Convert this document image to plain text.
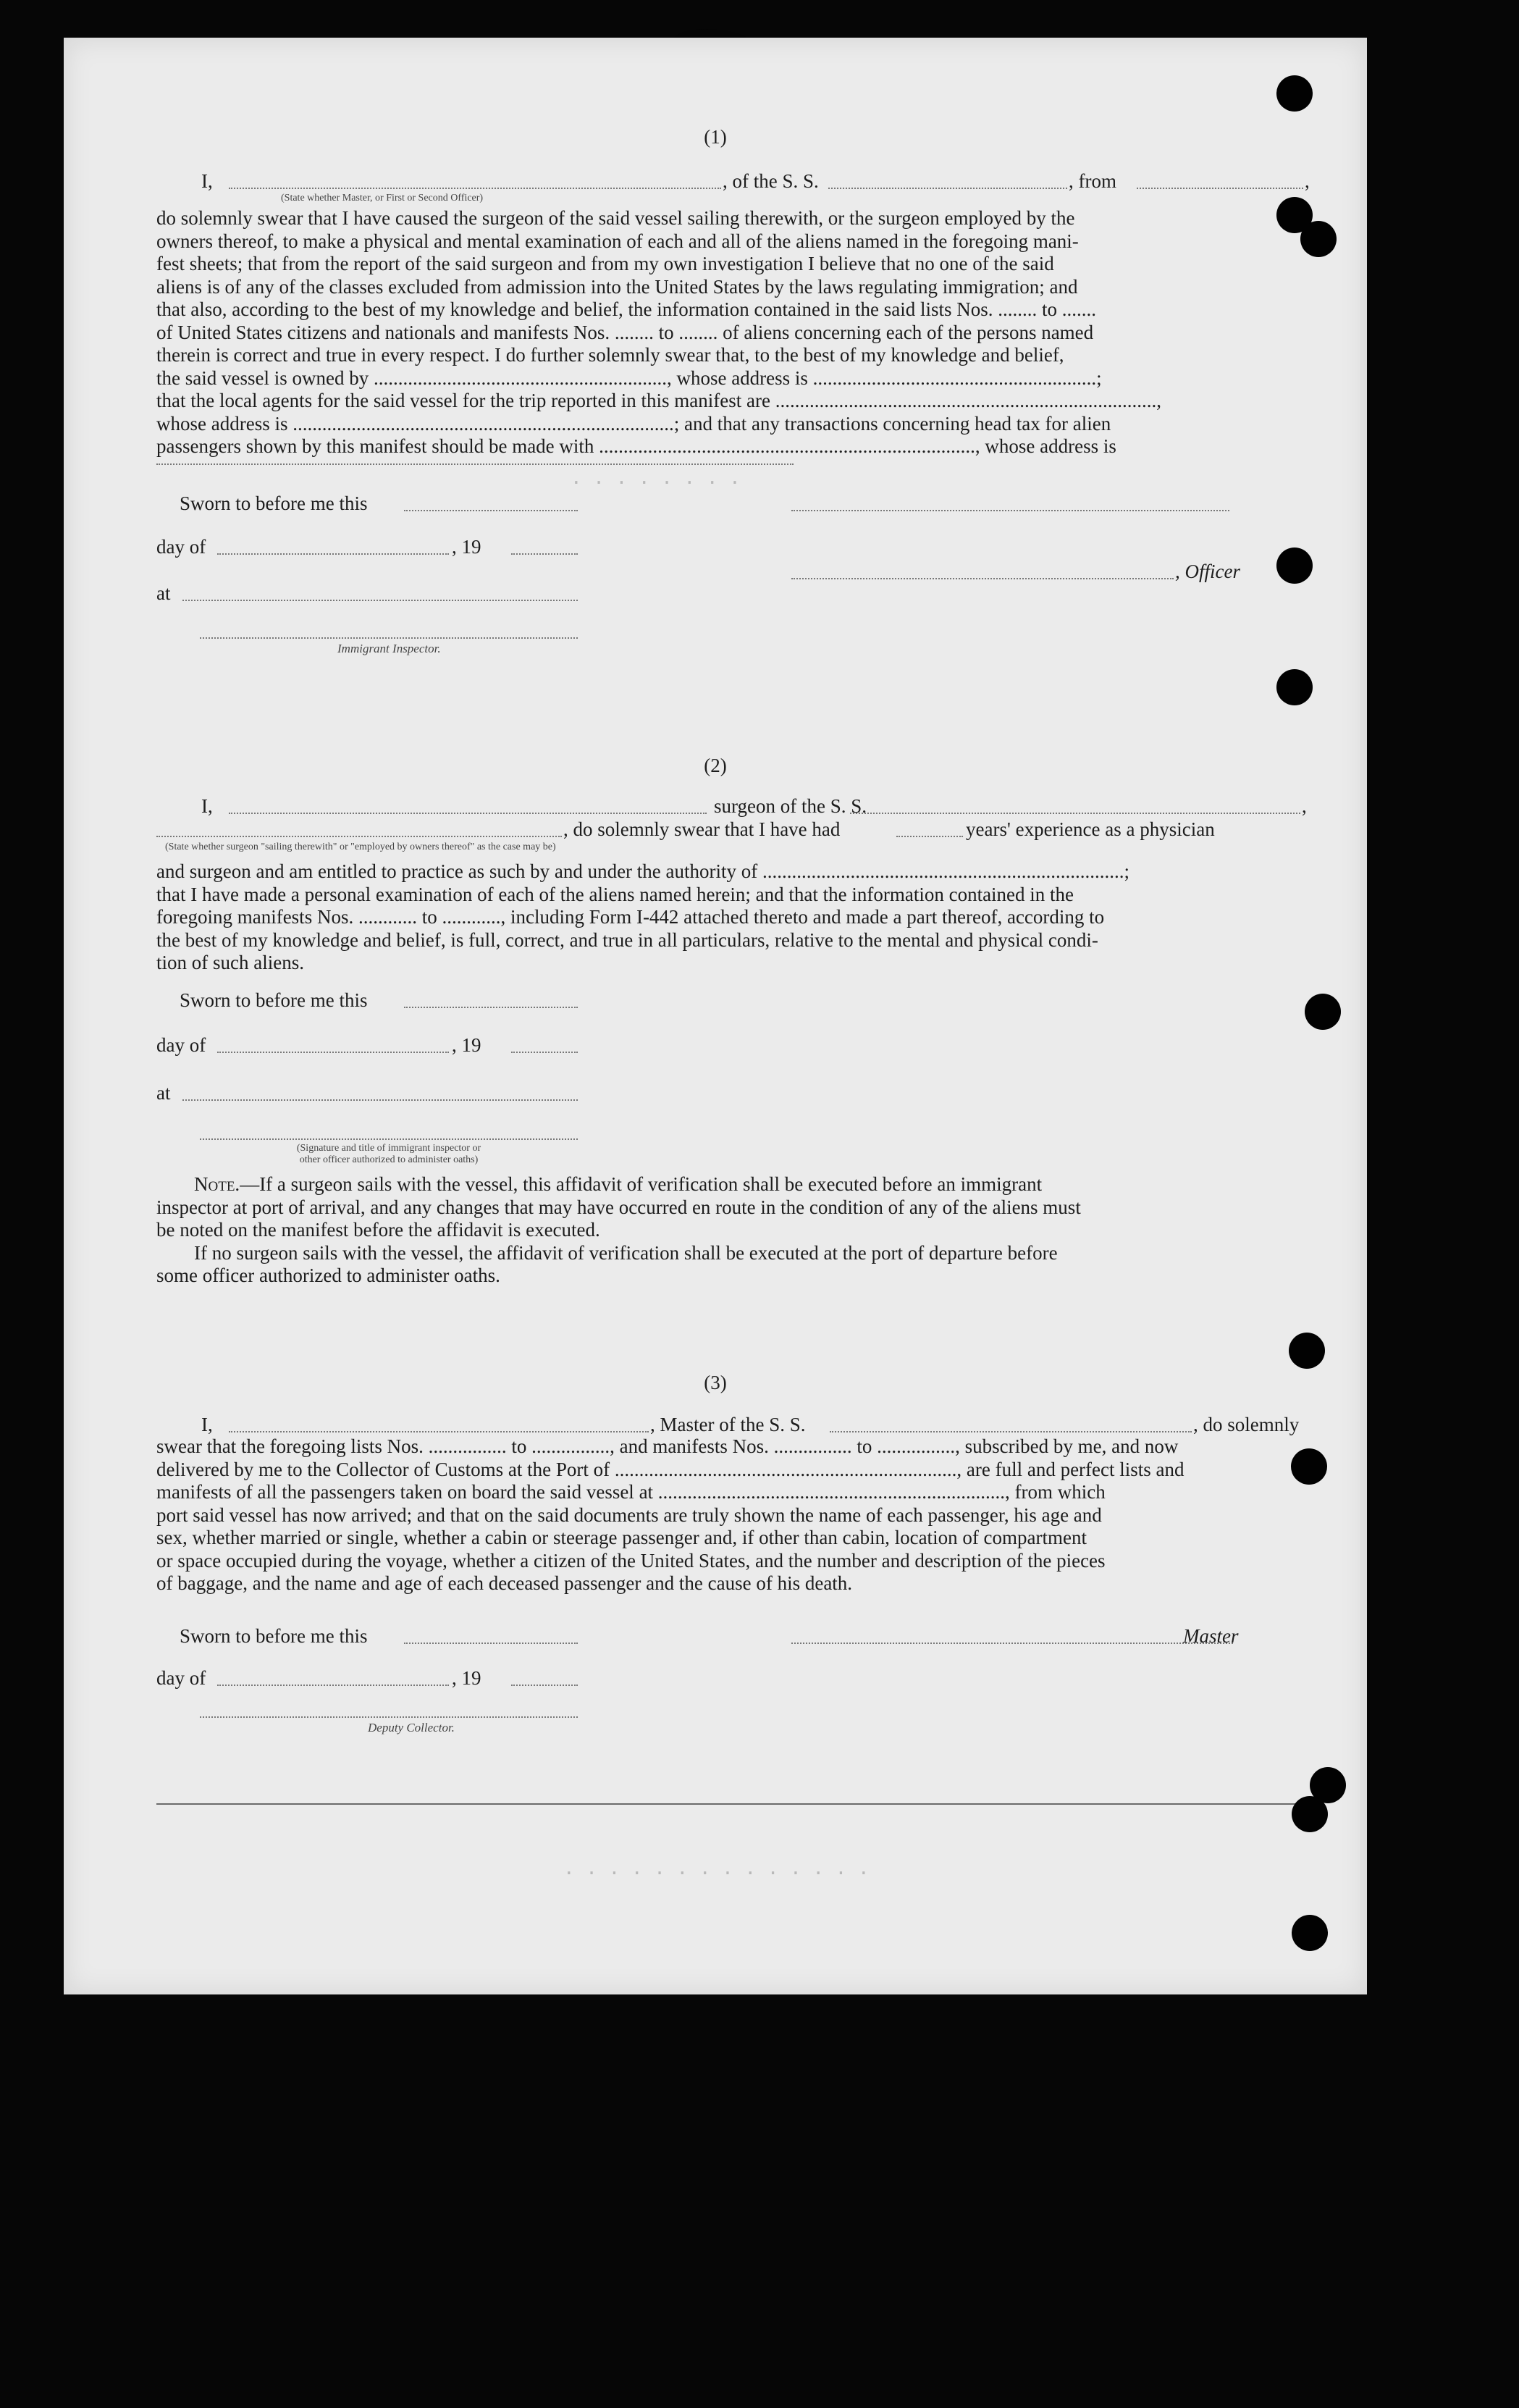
· · · · · · · ·
· · · · · · · · · · · · · ·
(1)
I,	, of the S. S.	, from	,
(State whether Master, or First or Second Officer)

do solemnly swear that I have caused the surgeon of the said vessel sailing therewith, or the surgeon employed by the

owners thereof, to make a physical and mental examination of each and all of the aliens named in the foregoing mani-

fest sheets; that from the report of the said surgeon and from my own investigation I believe that no one of the said

aliens is of any of the classes excluded from admission into the United States by the laws regulating immigration; and

that also, according to the best of my knowledge and belief, the information contained in the said lists Nos. ........ to .......

of United States citizens and nationals and manifests Nos. ........ to ........ of aliens concerning each of the persons named

therein is correct and true in every respect. I do further solemnly swear that, to the best of my knowledge and belief,

the said vessel is owned by ............................................................, whose address is ..........................................................;

that the local agents for the said vessel for the trip reported in this manifest are ..............................................................................,

whose address is ..............................................................................; and that any transactions concerning head tax for alien

passengers shown by this manifest should be made with ............................................................................., whose address is

Sworn to before me this
day of	, 19
, Officer
at
Immigrant Inspector.
(2)
I,	surgeon of the S. S.	,
, do solemnly swear that I have had	years' experience as a physician
(State whether surgeon "sailing therewith" or "employed by owners thereof" as the case may be)

and surgeon and am entitled to practice as such by and under the authority of ..........................................................................;

that I have made a personal examination of each of the aliens named herein; and that the information contained in the

foregoing manifests Nos. ............ to ............, including Form I-442 attached thereto and made a part thereof, according to

the best of my knowledge and belief, is full, correct, and true in all particulars, relative to the mental and physical condi-

tion of such aliens.

Sworn to before me this
day of	, 19
at
(Signature and title of immigrant inspector or
other officer authorized to administer oaths)

Note.—If a surgeon sails with the vessel, this affidavit of verification shall be executed before an immigrant

inspector at port of arrival, and any changes that may have occurred en route in the condition of any of the aliens must

be noted on the manifest before the affidavit is executed.

If no surgeon sails with the vessel, the affidavit of verification shall be executed at the port of departure before

some officer authorized to administer oaths.

(3)
I,	, Master of the S. S.	, do solemnly

swear that the foregoing lists Nos. ................ to ................, and manifests Nos. ................ to ................, subscribed by me, and now

delivered by me to the Collector of Customs at the Port of ......................................................................, are full and perfect lists and

manifests of all the passengers taken on board the said vessel at ......................................................................., from which

port said vessel has now arrived; and that on the said documents are truly shown the name of each passenger, his age and

sex, whether married or single, whether a cabin or steerage passenger and, if other than cabin, location of compartment

or space occupied during the voyage, whether a citizen of the United States, and the number and description of the pieces

of baggage, and the name and age of each deceased passenger and the cause of his death.

Sworn to before me this	Master
day of	, 19
Deputy Collector.
